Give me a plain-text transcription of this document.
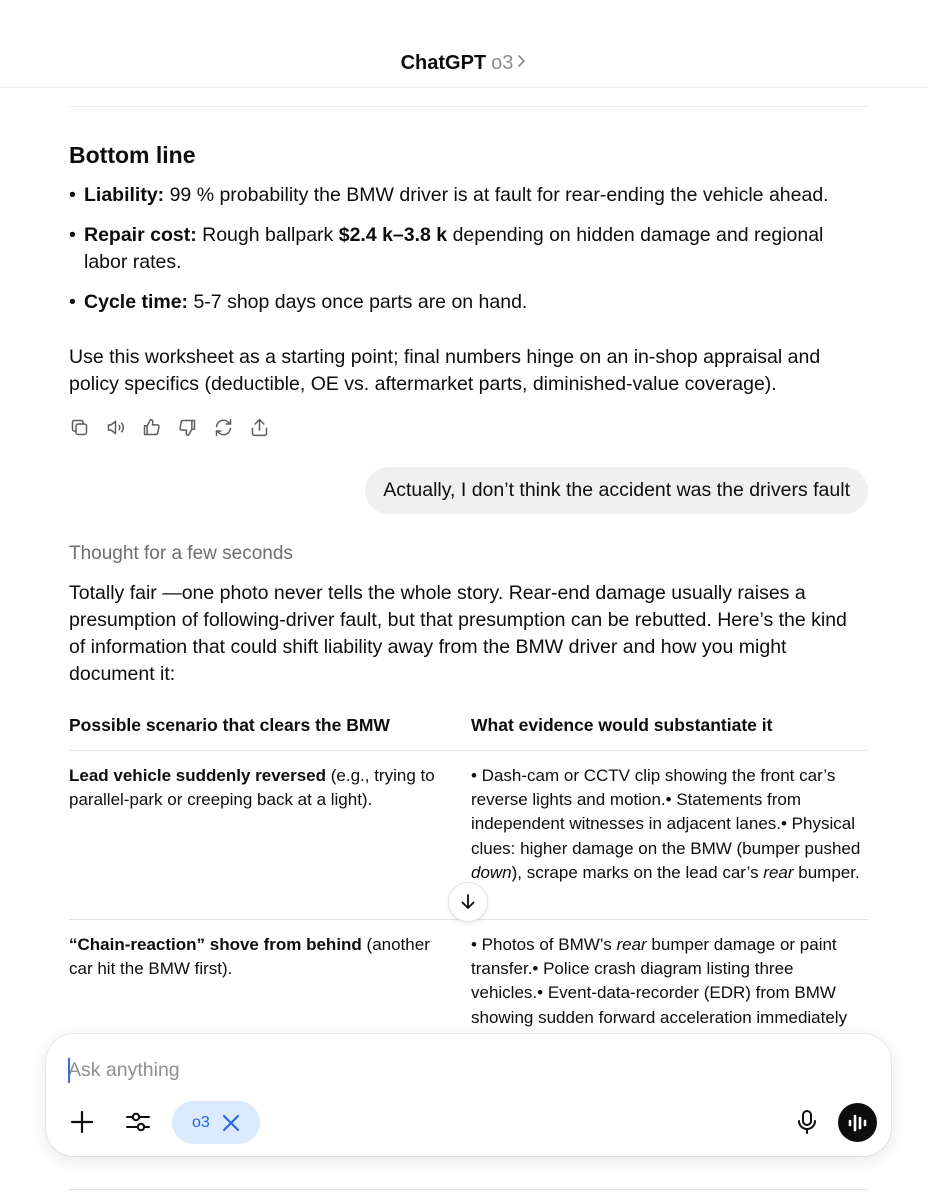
ChatGPT o3
Bottom line
• Liability: 99 % probability the BMW driver is at fault for rear-ending the vehicle ahead.
• Repair cost: Rough ballpark $2.4 k–3.8 k depending on hidden damage and regional labor rates.
• Cycle time: 5-7 shop days once parts are on hand.

Use this worksheet as a starting point; final numbers hinge on an in-shop appraisal and policy specifics (deductible, OE vs. aftermarket parts, diminished-value coverage).

Actually, I don’t think the accident was the drivers fault
Thought for a few seconds

Totally fair —one photo never tells the whole story. Rear-end damage usually raises a presumption of following-driver fault, but that presumption can be rebutted. Here’s the kind of information that could shift liability away from the BMW driver and how you might document it:

Possible scenario that clears the BMW	What evidence would substantiate it
Lead vehicle suddenly reversed (e.g., trying to parallel-park or creeping back at a light).
• Dash-cam or CCTV clip showing the front car’s reverse lights and motion.• Statements from independent witnesses in adjacent lanes.• Physical clues: higher damage on the BMW (bumper pushed down), scrape marks on the lead car’s rear bumper.
“Chain-reaction” shove from behind (another car hit the BMW first).
• Photos of BMW’s rear bumper damage or paint transfer.• Police crash diagram listing three vehicles.• Event-data-recorder (EDR) from BMW showing sudden forward acceleration immediately
Ask anything
o3
